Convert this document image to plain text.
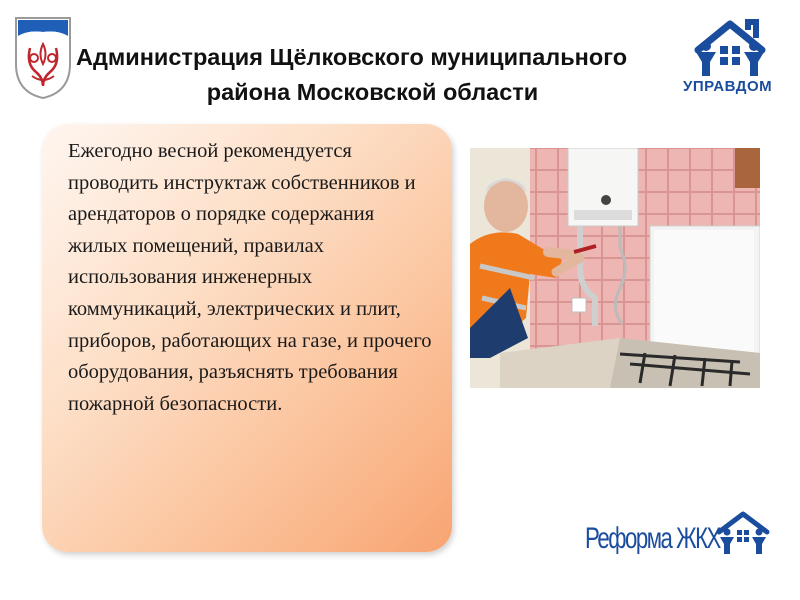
Администрация Щёлковского муниципального
района Московской области	УПРАВДОМ
Ежегодно весной рекомендуется проводить инструктаж собственников и арендаторов о порядке содержания жилых помещений, правилах использования инженерных коммуникаций, электрических и плит, приборов, работающих на газе, и прочего оборудования, разъяснять требования пожарной безопасности.
Реформа ЖКХ
